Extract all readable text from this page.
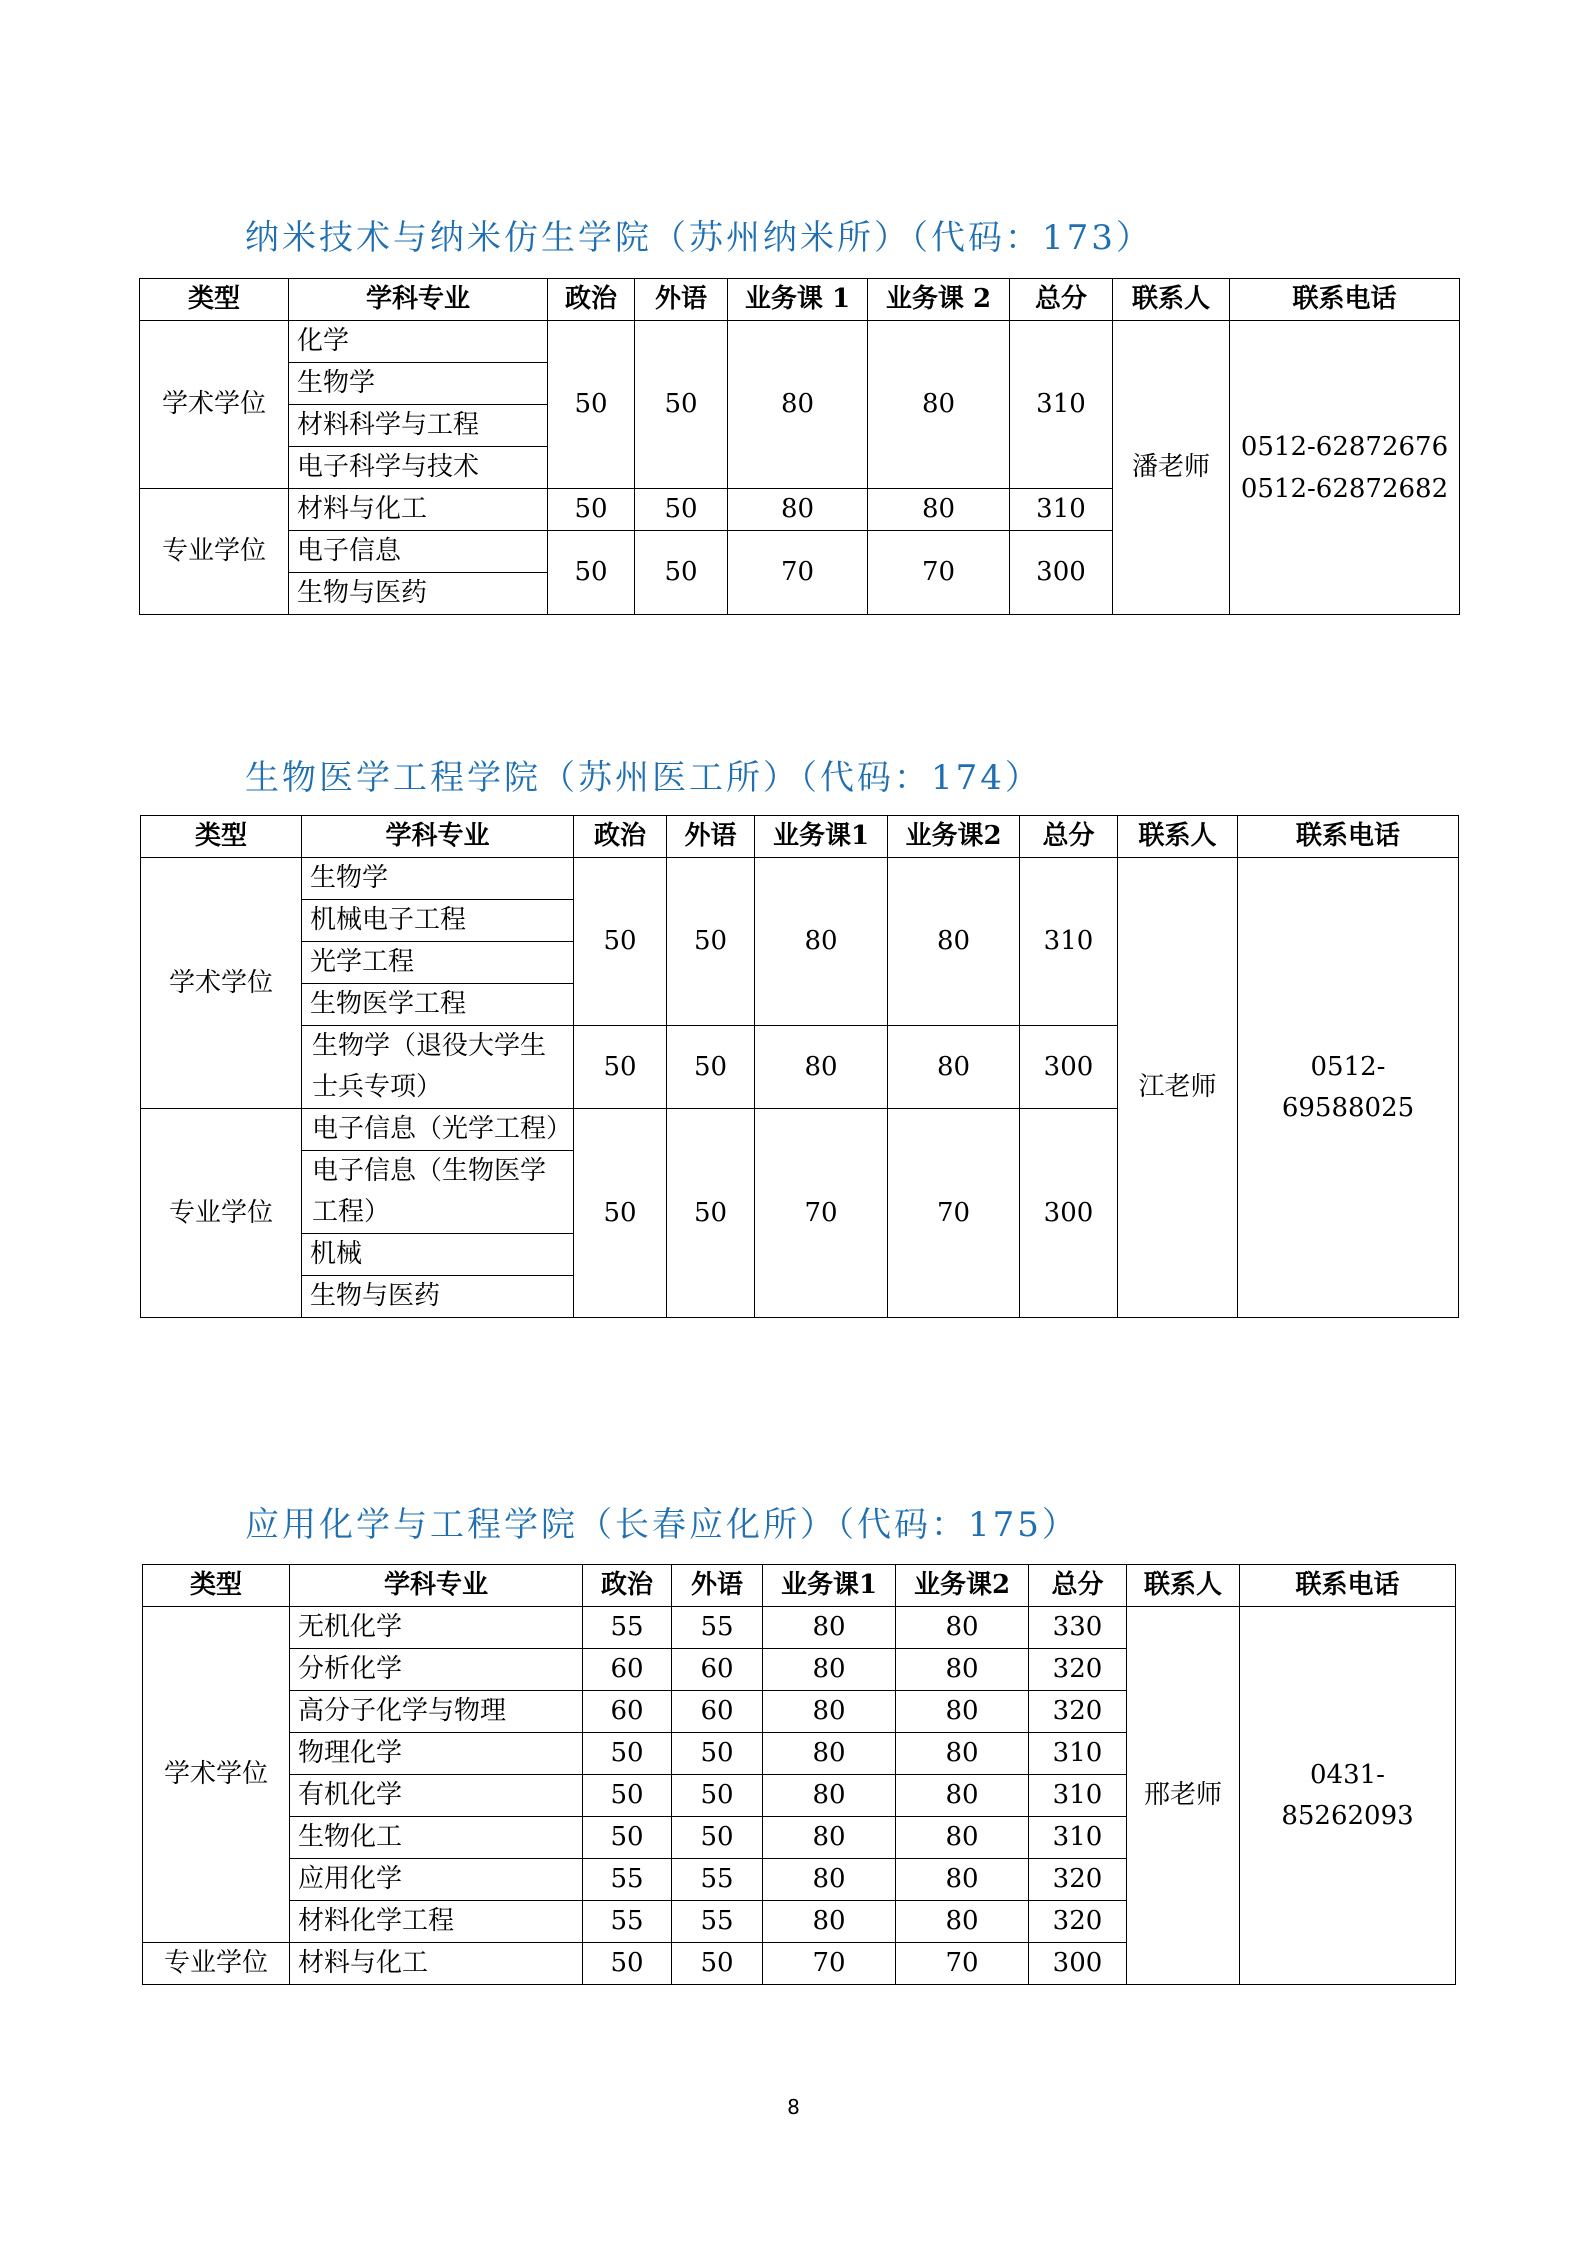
纳米技术与纳米仿生学院（苏州纳米所）（代码：173）
类型	学科专业	政治	外语	业务课 1	业务课 2	总分	联系人	联系电话
学术学位	化学	50	50	80	80	310	潘老师	0512-62872676
0512-62872682

	生物学							
	材料科学与工程							
	电子科学与技术							
专业学位	材料与化工	50	50	80	80	310		
	电子信息	50	50	70	70	300		
	生物与医药							
生物医学工程学院（苏州医工所）（代码：174）
类型	学科专业	政治	外语	业务课1	业务课2	总分	联系人	联系电话
学术学位	生物学	50	50	80	80	310	江老师	0512-69588025
	机械电子工程							
	光学工程							
	生物医学工程							
	生物学（退役大学生士兵专项）	50	50	80	80	300		

专业学位	电子信息（光学工程）	50	50	70	70	300		

	电子信息（生物医学工程）							

	机械							
	生物与医药							
应用化学与工程学院（长春应化所）（代码：175）
类型	学科专业	政治	外语	业务课1	业务课2	总分	联系人	联系电话
学术学位	无机化学	55	55	80	80	330	邢老师	0431-85262093
	分析化学	60	60	80	80	320		
	高分子化学与物理	60	60	80	80	320		
	物理化学	50	50	80	80	310		
	有机化学	50	50	80	80	310		
	生物化工	50	50	80	80	310		
	应用化学	55	55	80	80	320		
	材料化学工程	55	55	80	80	320		
专业学位	材料与化工	50	50	70	70	300		
8
